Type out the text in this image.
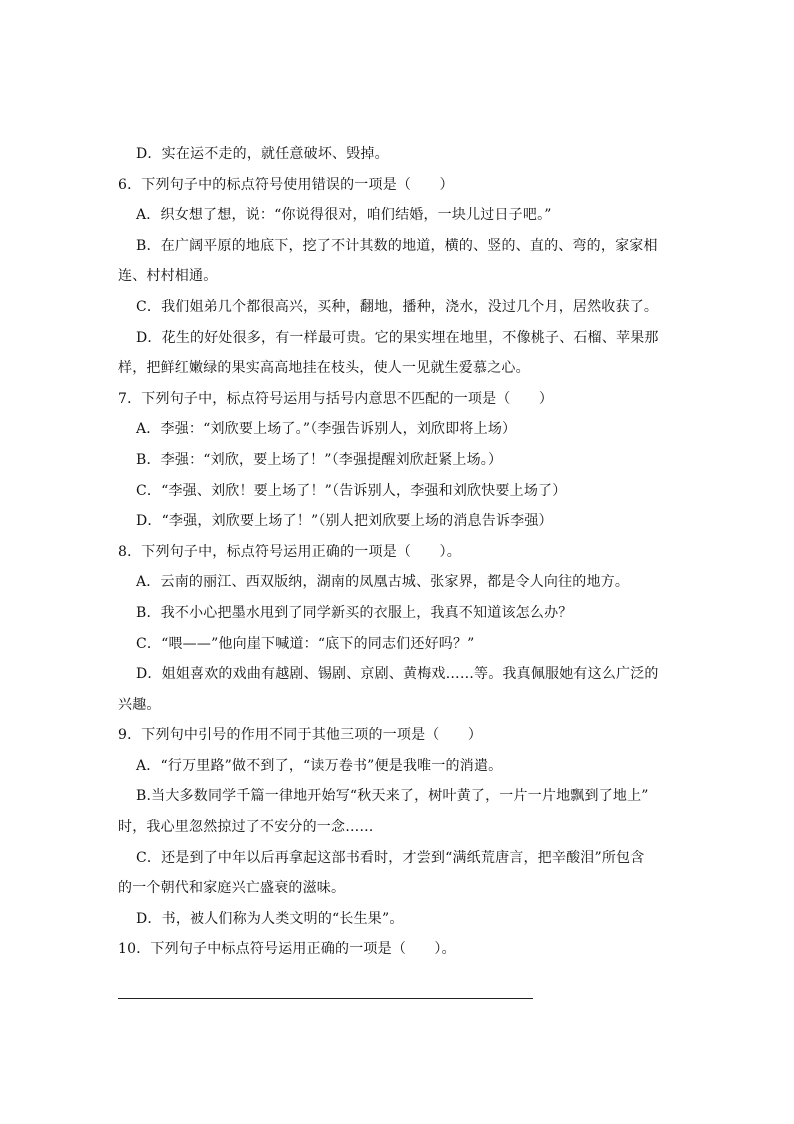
D．实在运不走的，就任意破坏、毁掉。
6．下列句子中的标点符号使用错误的一项是（　　）
A．织女想了想，说：“你说得很对，咱们结婚，一块儿过日子吧。”
B．在广阔平原的地底下，挖了不计其数的地道，横的、竖的、直的、弯的，家家相
连、村村相通。
C．我们姐弟几个都很高兴，买种，翻地，播种，浇水，没过几个月，居然收获了。
D．花生的好处很多，有一样最可贵。它的果实埋在地里，不像桃子、石榴、苹果那
样，把鲜红嫩绿的果实高高地挂在枝头，使人一见就生爱慕之心。
7．下列句子中，标点符号运用与括号内意思不匹配的一项是（　　）
A．李强：“刘欣要上场了。”（李强告诉别人，刘欣即将上场）
B．李强：“刘欣，要上场了！”（李强提醒刘欣赶紧上场。）
C．“李强、刘欣！要上场了！”（告诉别人，李强和刘欣快要上场了）
D．“李强，刘欣要上场了！”（别人把刘欣要上场的消息告诉李强）
8．下列句子中，标点符号运用正确的一项是（　　）。
A．云南的丽江、西双版纳，湖南的凤凰古城、张家界，都是令人向往的地方。
B．我不小心把墨水甩到了同学新买的衣服上，我真不知道该怎么办？
C．“喂——”他向崖下喊道：“底下的同志们还好吗？”
D．姐姐喜欢的戏曲有越剧、锡剧、京剧、黄梅戏……等。我真佩服她有这么广泛的
兴趣。
9．下列句中引号的作用不同于其他三项的一项是（　　）
A．“行万里路”做不到了，“读万卷书”便是我唯一的消遣。
B.当大多数同学千篇一律地开始写“秋天来了，树叶黄了，一片一片地飘到了地上”
时，我心里忽然掠过了不安分的一念……
C．还是到了中年以后再拿起这部书看时，才尝到“满纸荒唐言，把辛酸泪”所包含
的一个朝代和家庭兴亡盛衰的滋味。
D．书，被人们称为人类文明的“长生果”。
10．下列句子中标点符号运用正确的一项是（　　）。
